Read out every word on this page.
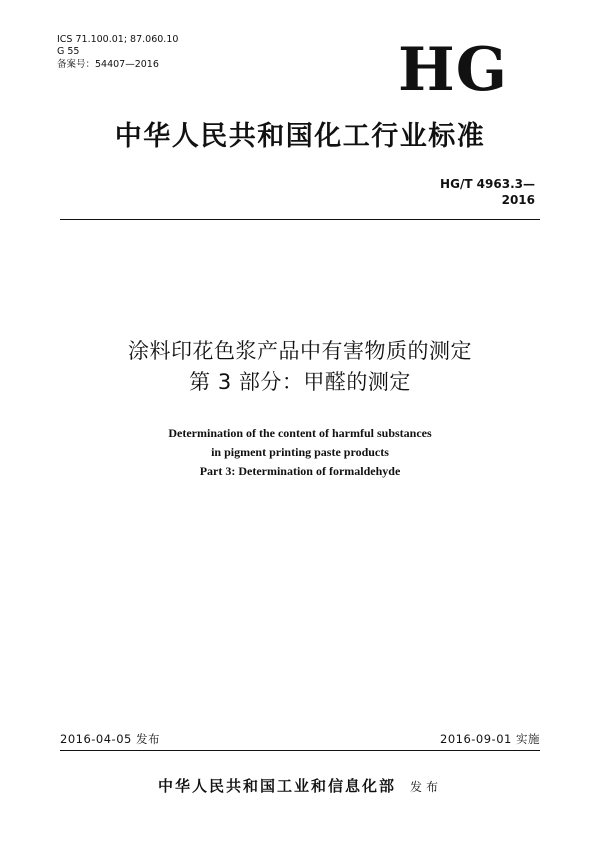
ICS 71.100.01; 87.060.10
G 55
备案号：54407—2016	HG
中华人民共和国化工行业标准
HG/T 4963.3—2016
涂料印花色浆产品中有害物质的测定
第 3 部分：甲醛的测定
Determination of the content of harmful substances
in pigment printing paste products
Part 3: Determination of formaldehyde
2016-04-05 发布	2016-09-01 实施
中华人民共和国工业和信息化部 发布
